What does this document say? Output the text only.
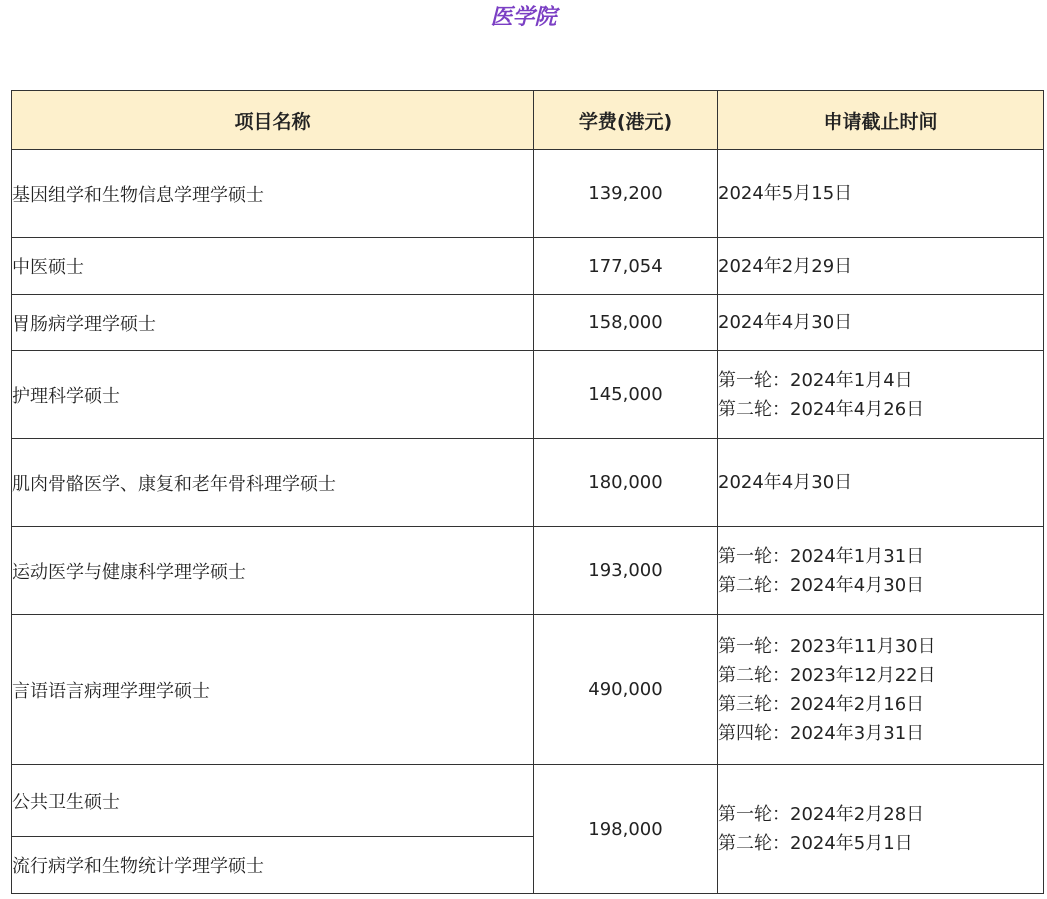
医学院
项目名称	学费(港元)	申请截止时间
基因组学和生物信息学理学硕士	139,200	2024年5月15日

中医硕士	177,054	2024年2月29日

胃肠病学理学硕士	158,000	2024年4月30日

护理科学硕士	145,000	第一轮：2024年1月4日
第二轮：2024年4月26日

肌肉骨骼医学、康复和老年骨科理学硕士	180,000	2024年4月30日

运动医学与健康科学理学硕士	193,000	第一轮：2024年1月31日
第二轮：2024年4月30日

言语语言病理学理学硕士	490,000	第一轮：2023年11月30日
第二轮：2023年12月22日
第三轮：2024年2月16日
第四轮：2024年3月31日

公共卫生硕士	198,000	第一轮：2024年2月28日
第二轮：2024年5月1日

流行病学和生物统计学理学硕士		
